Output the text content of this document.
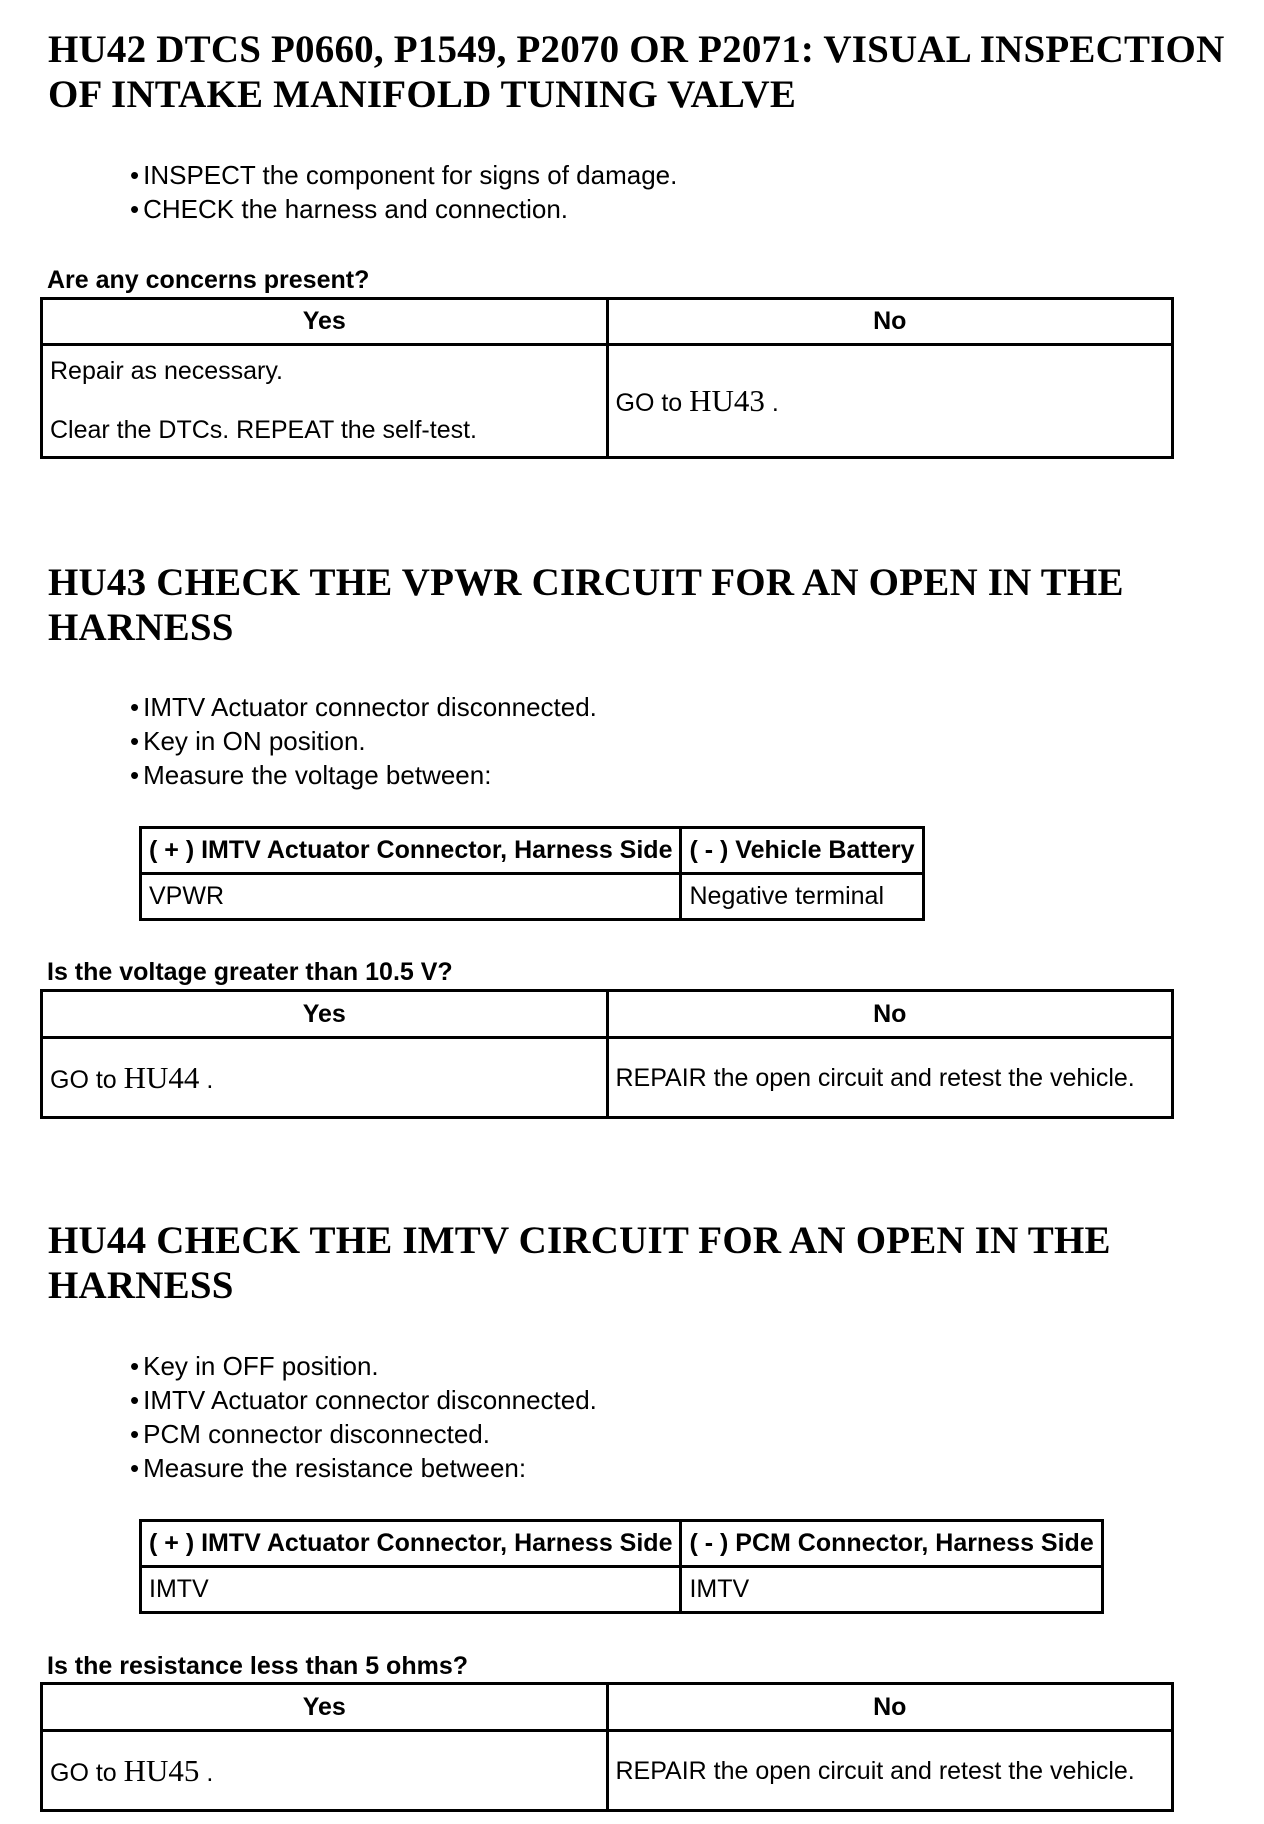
HU42 DTCS P0660, P1549, P2070 OR P2071: VISUAL INSPECTION OF INTAKE MANIFOLD TUNING VALVE
• INSPECT the component for signs of damage.
• CHECK the harness and connection.

Are any concerns present?

Yes	No
Repair as necessary.
Clear the DTCs. REPEAT the self-test.	GO to HU43 .
HU43 CHECK THE VPWR CIRCUIT FOR AN OPEN IN THE HARNESS
• IMTV Actuator connector disconnected.
• Key in ON position.
• Measure the voltage between:
( + ) IMTV Actuator Connector, Harness Side	( - ) Vehicle Battery
VPWR	Negative terminal

Is the voltage greater than 10.5 V?

Yes	No
GO to HU44 .	REPAIR the open circuit and retest the vehicle.
HU44 CHECK THE IMTV CIRCUIT FOR AN OPEN IN THE HARNESS
• Key in OFF position.
• IMTV Actuator connector disconnected.
• PCM connector disconnected.
• Measure the resistance between:
( + ) IMTV Actuator Connector, Harness Side	( - ) PCM Connector, Harness Side
IMTV	IMTV

Is the resistance less than 5 ohms?

Yes	No
GO to HU45 .	REPAIR the open circuit and retest the vehicle.
